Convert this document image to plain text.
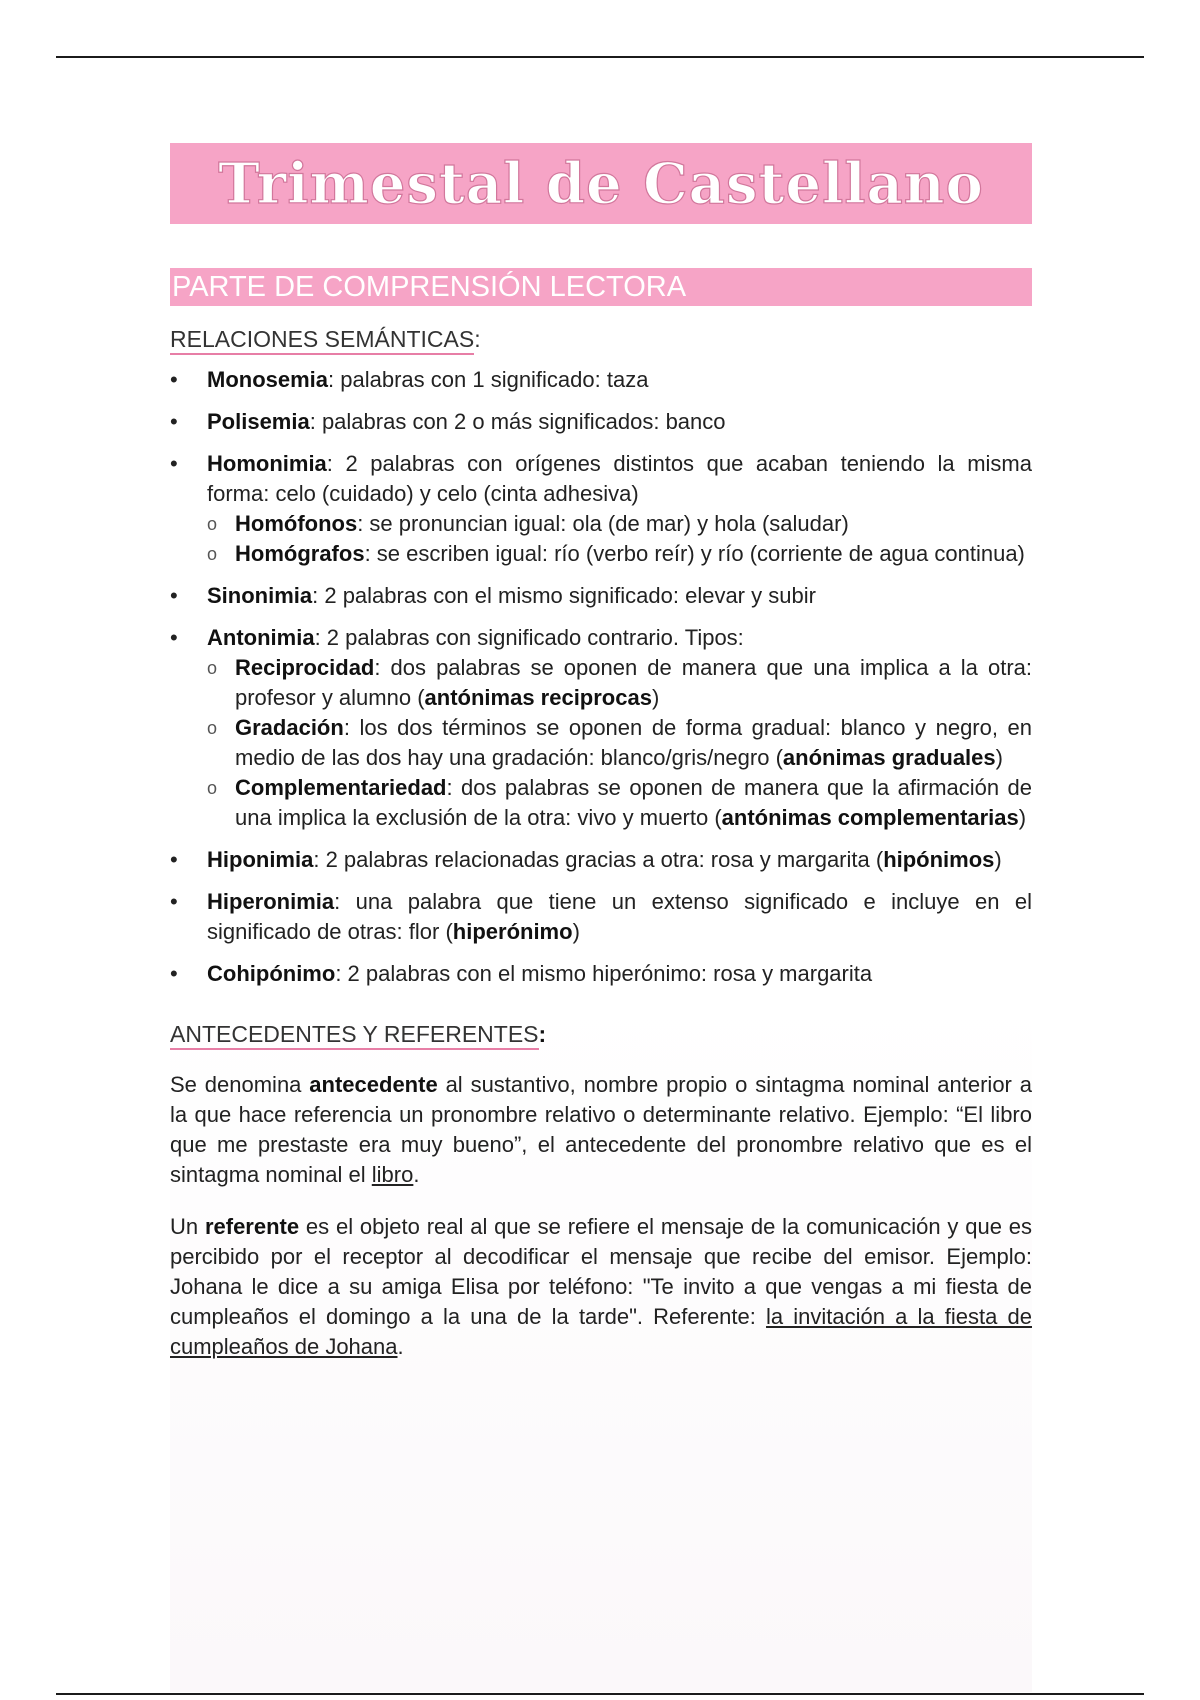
Trimestal de Castellano
PARTE DE COMPRENSIÓN LECTORA
RELACIONES SEMÁNTICAS:
• Monosemia: palabras con 1 significado: taza
• Polisemia: palabras con 2 o más significados: banco
• Homonimia: 2 palabras con orígenes distintos que acaban teniendo la misma forma: celo (cuidado) y celo (cinta adhesiva)
o Homófonos: se pronuncian igual: ola (de mar) y hola (saludar)
o Homógrafos: se escriben igual: río (verbo reír) y río (corriente de agua continua)
• Sinonimia: 2 palabras con el mismo significado: elevar y subir
• Antonimia: 2 palabras con significado contrario. Tipos:
o Reciprocidad: dos palabras se oponen de manera que una implica a la otra: profesor y alumno (antónimas reciprocas)
o Gradación: los dos términos se oponen de forma gradual: blanco y negro, en medio de las dos hay una gradación: blanco/gris/negro (anónimas graduales)
o Complementariedad: dos palabras se oponen de manera que la afirmación de una implica la exclusión de la otra: vivo y muerto (antónimas complementarias)
• Hiponimia: 2 palabras relacionadas gracias a otra: rosa y margarita (hipónimos)
• Hiperonimia: una palabra que tiene un extenso significado e incluye en el significado de otras: flor (hiperónimo)
• Cohipónimo: 2 palabras con el mismo hiperónimo: rosa y margarita
ANTECEDENTES Y REFERENTES:

Se denomina antecedente al sustantivo, nombre propio o sintagma nominal anterior a la que hace referencia un pronombre relativo o determinante relativo. Ejemplo: “El libro que me prestaste era muy bueno”, el antecedente del pronombre relativo que es el sintagma nominal el libro.

Un referente es el objeto real al que se refiere el mensaje de la comunicación y que es percibido por el receptor al decodificar el mensaje que recibe del emisor. Ejemplo: Johana le dice a su amiga Elisa por teléfono: "Te invito a que vengas a mi fiesta de cumpleaños el domingo a la una de la tarde". Referente: la invitación a la fiesta de cumpleaños de Johana.
